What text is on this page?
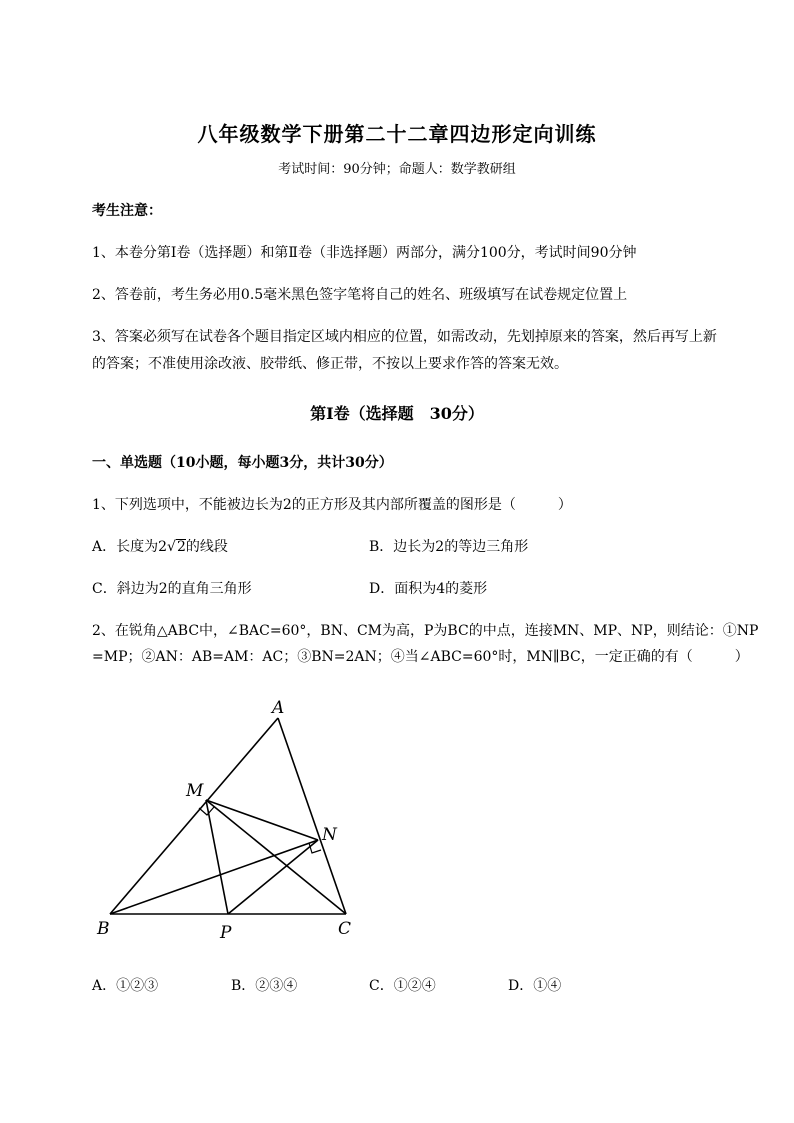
八年级数学下册第二十二章四边形定向训练
考试时间：90分钟；命题人：数学教研组
考生注意：
1、本卷分第I卷（选择题）和第Ⅱ卷（非选择题）两部分，满分100分，考试时间90分钟
2、答卷前，考生务必用0.5毫米黑色签字笔将自己的姓名、班级填写在试卷规定位置上
3、答案必须写在试卷各个题目指定区域内相应的位置，如需改动，先划掉原来的答案，然后再写上新
的答案；不准使用涂改液、胶带纸、修正带，不按以上要求作答的答案无效。
第I卷（选择题　30分）
一、单选题（10小题，每小题3分，共计30分）
1、下列选项中，不能被边长为2的正方形及其内部所覆盖的图形是（　　　）
A．长度为2√2的线段	B．边长为2的等边三角形
C．斜边为2的直角三角形	D．面积为4的菱形
2、在锐角△ABC中，∠BAC=60°，BN、CM为高，P为BC的中点，连接MN、MP、NP，则结论：①NP
=MP；②AN：AB=AM：AC；③BN=2AN；④当∠ABC=60°时，MN∥BC，一定正确的有（　　　）
A
M
N
B	P	C
A．①②③	B．②③④	C．①②④	D．①④
